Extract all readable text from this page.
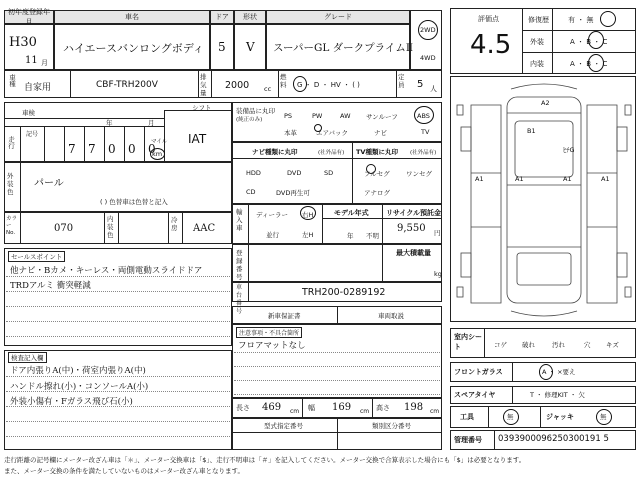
初年度登録年月
車名	ドア 形状	グレード
H30
11 月
ハイエースバンロングボディ 5 V スーパーGL ダークプライムⅡ
2WD
4WD
車種
自家用	CBF-TRH200V
排気量
2000 cc
燃料	G ・ D ・ HV ・ ( )
定員	5 人
車検
年	月
シフト
IAT
記号
走行	7 7 0 0 0
マイル
km
外装色
パール
( ) 色替車は色替と記入
カラーNo.	070
内装色
冷房 AAC
セールスポイント
他ナビ・Bカメ・キーレス・両側電動スライドドア
TRDアルミ 衝突軽減
検査記入欄
ドア内張りA(中)・荷室内張りA(中)
ハンドル擦れ(小)・コンソールA(小)
外装小傷有・Fガラス飛び石(小)
装備品に丸印
(純正のみ)	PS	PW	AW サンルーフ	ABS
本革	エアバック	ナビ	TV
ナビ種類に丸印	(社外品有) TV種類に丸印 (社外品有)
HDD	DVD	SD
CD	DVD再生可
フルセグ	ワンセグ
アナログ
輸入車
ディーラー
並行
右H
左H
モデル年式
年 不明
リサイクル預託金
9,550 円
登録番号
最大積載量
kg
車台番号
TRH200-0289192
新車保証書	車両取説
注意事項・不具合箇所
フロアマットなし
長さ 469 cm 幅 169 cm 高さ 198 cm
型式指定番号	類別区分番号
評価点
4.5
修復歴	有 ・ 無
外装	A ・ B ・ C
内装	A ・ B ・ C
A2
B1
A1	A1	A1	A1
ﾋﾁG
室内シート	コゲ 破れ	汚れ	穴 キズ
フロントガラス	A ・ ×要え
スペアタイヤ	T ・ 修理KIT ・ 欠
工具	無	ジャッキ	無
管理番号 0393900096250300191 5
走行距離の記号欄にメーター改ざん車は「＊」、メーター交換車は「$」、走行不明車は「＃」を記入してください。メーター交換で合算表示した場合にも「$」は必要となります。
また、メーター交換の条件を満たしていないものはメーター改ざん車となります。
